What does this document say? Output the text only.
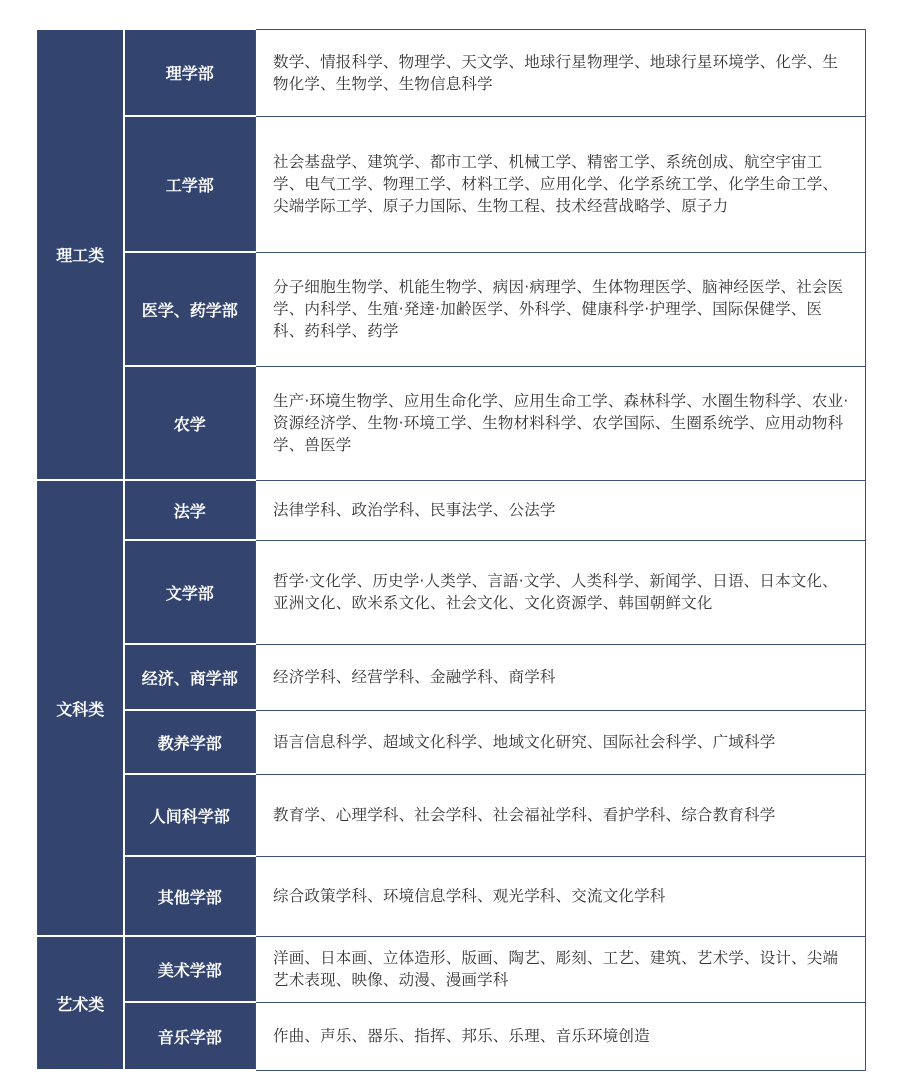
理工类	理学部	数学、情报科学、物理学、天文学、地球行星物理学、地球行星环境学、化学、生物化学、生物学、生物信息科学

	工学部	社会基盘学、建筑学、都市工学、机械工学、精密工学、系统创成、航空宇宙工学、电气工学、物理工学、材料工学、应用化学、化学系统工学、化学生命工学、尖端学际工学、原子力国际、生物工程、技术经营战略学、原子力

	医学、药学部	分子细胞生物学、机能生物学、病因·病理学、生体物理医学、脑神经医学、社会医学、内科学、生殖·発達·加齢医学、外科学、健康科学·护理学、国际保健学、医科、药科学、药学

	农学	生产·环境生物学、应用生命化学、应用生命工学、森林科学、水圈生物科学、农业·资源经济学、生物·环境工学、生物材料科学、农学国际、生圈系统学、应用动物科学、兽医学

文科类	法学	法律学科、政治学科、民事法学、公法学

	文学部	哲学·文化学、历史学·人类学、言語·文学、人类科学、新闻学、日语、日本文化、亚洲文化、欧米系文化、社会文化、文化资源学、韩国朝鲜文化

	经济、商学部	经济学科、经营学科、金融学科、商学科

	教养学部	语言信息科学、超域文化科学、地域文化研究、国际社会科学、广域科学

	人间科学部	教育学、心理学科、社会学科、社会福祉学科、看护学科、综合教育科学

	其他学部	综合政策学科、环境信息学科、观光学科、交流文化学科

艺术类	美术学部	洋画、日本画、立体造形、版画、陶艺、彫刻、工艺、建筑、艺术学、设计、尖端艺术表现、映像、动漫、漫画学科

	音乐学部	作曲、声乐、器乐、指挥、邦乐、乐理、音乐环境创造
